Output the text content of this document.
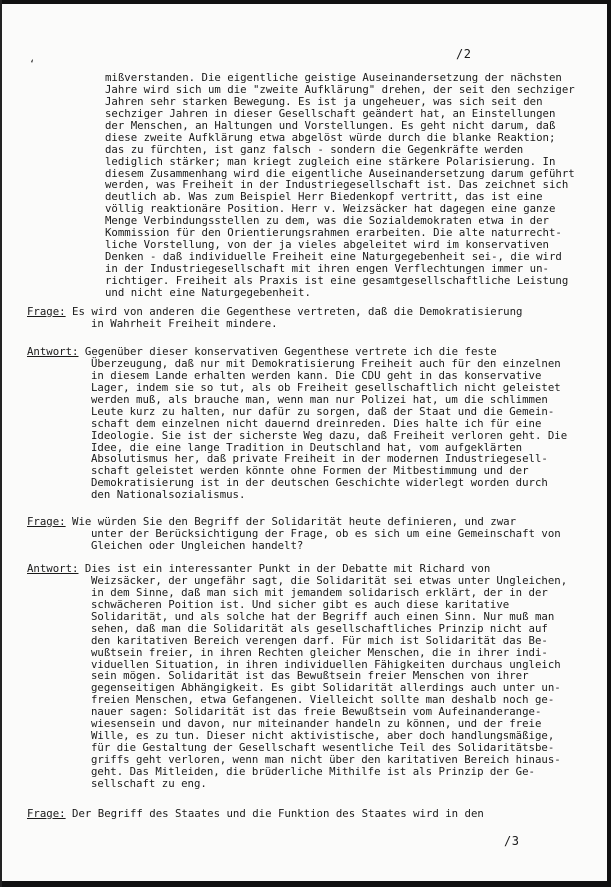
/2
‘
mißverstanden. Die eigentliche geistige Auseinandersetzung der nächsten
Jahre wird sich um die "zweite Aufklärung" drehen, der seit den sechziger
Jahren sehr starken Bewegung. Es ist ja ungeheuer, was sich seit den
sechziger Jahren in dieser Gesellschaft geändert hat, an Einstellungen
der Menschen, an Haltungen und Vorstellungen. Es geht nicht darum, daß
diese zweite Aufklärung etwa abgelöst würde durch die blanke Reaktion;
das zu fürchten, ist ganz falsch - sondern die Gegenkräfte werden
lediglich stärker; man kriegt zugleich eine stärkere Polarisierung. In
diesem Zusammenhang wird die eigentliche Auseinandersetzung darum geführt
werden, was Freiheit in der Industriegesellschaft ist. Das zeichnet sich
deutlich ab. Was zum Beispiel Herr Biedenkopf vertritt, das ist eine
völlig reaktionäre Position. Herr v. Weizsäcker hat dagegen eine ganze
Menge Verbindungsstellen zu dem, was die Sozialdemokraten etwa in der
Kommission für den Orientierungsrahmen erarbeiten. Die alte naturrecht-
liche Vorstellung, von der ja vieles abgeleitet wird im konservativen
Denken - daß individuelle Freiheit eine Naturgegebenheit sei-, die wird
in der Industriegesellschaft mit ihren engen Verflechtungen immer un-
richtiger. Freiheit als Praxis ist eine gesamtgesellschaftliche Leistung
und nicht eine Naturgegebenheit.
Frage: Es wird von anderen die Gegenthese vertreten, daß die Demokratisierung
in Wahrheit Freiheit mindere.
Antwort: Gegenüber dieser konservativen Gegenthese vertrete ich die feste
Überzeugung, daß nur mit Demokratisierung Freiheit auch für den einzelnen
in diesem Lande erhalten werden kann. Die CDU geht in das konservative
Lager, indem sie so tut, als ob Freiheit gesellschaftlich nicht geleistet
werden muß, als brauche man, wenn man nur Polizei hat, um die schlimmen
Leute kurz zu halten, nur dafür zu sorgen, daß der Staat und die Gemein-
schaft dem einzelnen nicht dauernd dreinreden. Dies halte ich für eine
Ideologie. Sie ist der sicherste Weg dazu, daß Freiheit verloren geht. Die
Idee, die eine lange Tradition in Deutschland hat, vom aufgeklärten
Absolutismus her, daß private Freiheit in der modernen Industriegesell-
schaft geleistet werden könnte ohne Formen der Mitbestimmung und der
Demokratisierung ist in der deutschen Geschichte widerlegt worden durch
den Nationalsozialismus.
Frage: Wie würden Sie den Begriff der Solidarität heute definieren, und zwar
unter der Berücksichtigung der Frage, ob es sich um eine Gemeinschaft von
Gleichen oder Ungleichen handelt?
Antwort: Dies ist ein interessanter Punkt in der Debatte mit Richard von
Weizsäcker, der ungefähr sagt, die Solidarität sei etwas unter Ungleichen,
in dem Sinne, daß man sich mit jemandem solidarisch erklärt, der in der
schwächeren Poition ist. Und sicher gibt es auch diese karitative
Solidarität, und als solche hat der Begriff auch einen Sinn. Nur muß man
sehen, daß man die Solidarität als gesellschaftliches Prinzip nicht auf
den karitativen Bereich verengen darf. Für mich ist Solidarität das Be-
wußtsein freier, in ihren Rechten gleicher Menschen, die in ihrer indi-
viduellen Situation, in ihren individuellen Fähigkeiten durchaus ungleich
sein mögen. Solidarität ist das Bewußtsein freier Menschen von ihrer
gegenseitigen Abhängigkeit. Es gibt Solidarität allerdings auch unter un-
freien Menschen, etwa Gefangenen. Vielleicht sollte man deshalb noch ge-
nauer sagen: Solidarität ist das freie Bewußtsein vom Aufeinanderange-
wiesensein und davon, nur miteinander handeln zu können, und der freie
Wille, es zu tun. Dieser nicht aktivistische, aber doch handlungsmäßige,
für die Gestaltung der Gesellschaft wesentliche Teil des Solidaritätsbe-
griffs geht verloren, wenn man nicht über den karitativen Bereich hinaus-
geht. Das Mitleiden, die brüderliche Mithilfe ist als Prinzip der Ge-
sellschaft zu eng.
Frage: Der Begriff des Staates und die Funktion des Staates wird in den
/3
